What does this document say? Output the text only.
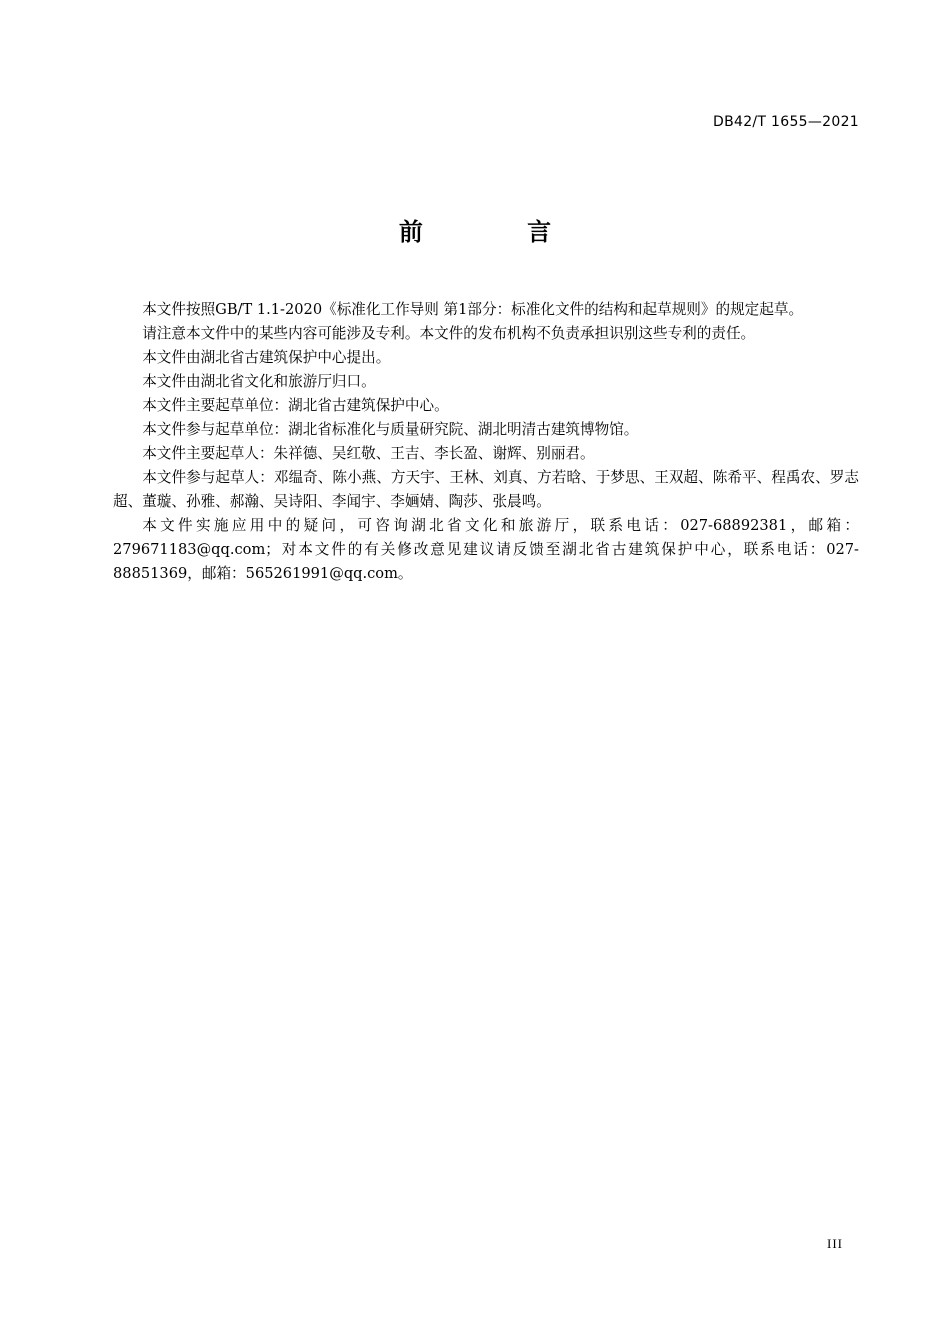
DB42/T 1655—2021
前 言

本文件按照GB/T 1.1-2020《标准化工作导则 第1部分：标准化文件的结构和起草规则》的规定起草。

请注意本文件中的某些内容可能涉及专利。本文件的发布机构不负责承担识别这些专利的责任。

本文件由湖北省古建筑保护中心提出。

本文件由湖北省文化和旅游厅归口。

本文件主要起草单位：湖北省古建筑保护中心。

本文件参与起草单位：湖北省标准化与质量研究院、湖北明清古建筑博物馆。

本文件主要起草人：朱祥德、吴红敬、王吉、李长盈、谢辉、别丽君。

本文件参与起草人：邓缊奇、陈小燕、方天宇、王林、刘真、方若晗、于梦思、王双超、陈希平、程禹农、罗志超、董璇、孙雅、郝瀚、吴诗阳、李闻宇、李婳婧、陶莎、张晨鸣。

本文件实施应用中的疑问，可咨询湖北省文化和旅游厅，联系电话：027-68892381，邮箱：279671183@qq.com；对本文件的有关修改意见建议请反馈至湖北省古建筑保护中心，联系电话：027-88851369，邮箱：565261991@qq.com。

III
